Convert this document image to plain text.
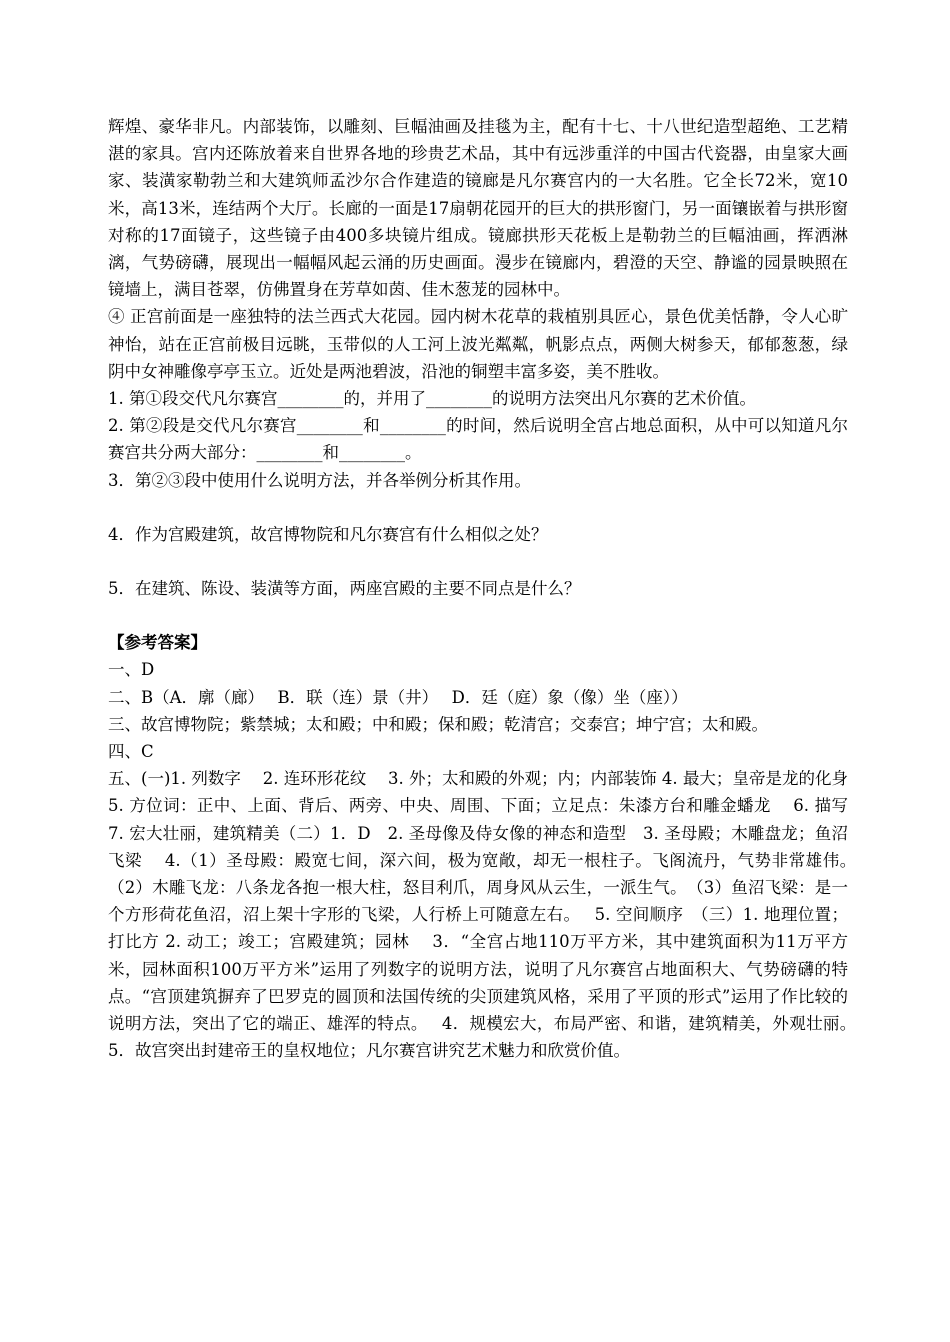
辉煌、豪华非凡。内部装饰，以雕刻、巨幅油画及挂毯为主，配有十七、十八世纪造型超绝、工艺精湛的家具。宫内还陈放着来自世界各地的珍贵艺术品，其中有远涉重洋的中国古代瓷器，由皇家大画家、装潢家勒勃兰和大建筑师孟沙尔合作建造的镜廊是凡尔赛宫内的一大名胜。它全长72米，宽10米，高13米，连结两个大厅。长廊的一面是17扇朝花园开的巨大的拱形窗门，另一面镶嵌着与拱形窗对称的17面镜子，这些镜子由400多块镜片组成。镜廊拱形天花板上是勒勃兰的巨幅油画，挥洒淋漓，气势磅礴，展现出一幅幅风起云涌的历史画面。漫步在镜廊内，碧澄的天空、静谧的园景映照在镜墙上，满目苍翠，仿佛置身在芳草如茵、佳木葱茏的园林中。

④ 正宫前面是一座独特的法兰西式大花园。园内树木花草的栽植别具匠心，景色优美恬静，令人心旷神怡，站在正宫前极目远眺，玉带似的人工河上波光粼粼，帆影点点，两侧大树参天，郁郁葱葱，绿阴中女神雕像亭亭玉立。近处是两池碧波，沿池的铜塑丰富多姿，美不胜收。

1. 第①段交代凡尔赛宫________的，并用了________的说明方法突出凡尔赛的艺术价值。

2. 第②段是交代凡尔赛宫________和________的时间，然后说明全宫占地总面积，从中可以知道凡尔赛宫共分两大部分：________和________。

3．第②③段中使用什么说明方法，并各举例分析其作用。

4．作为宫殿建筑，故宫博物院和凡尔赛宫有什么相似之处？

5．在建筑、陈设、装潢等方面，两座宫殿的主要不同点是什么？

【参考答案】

一、D

二、B（A．廓（廊）　 B．联（连）景（井）　 D．廷（庭）象（像）坐（座））

三、故宫博物院；紫禁城；太和殿；中和殿；保和殿；乾清宫；交泰宫；坤宁宫；太和殿。

四、C

五、(一)1. 列数字　 2. 连环形花纹　 3. 外；太和殿的外观；内；内部装饰 4. 最大；皇帝是龙的化身　 5. 方位词：正中、上面、背后、两旁、中央、周围、下面；立足点：朱漆方台和雕金蟠龙　 6. 描写　 7. 宏大壮丽，建筑精美（二）1．D　2. 圣母像及侍女像的神态和造型　3. 圣母殿；木雕盘龙；鱼沼飞梁　 4.（1）圣母殿：殿宽七间，深六间，极为宽敞，却无一根柱子。飞阁流丹，气势非常雄伟。　（2）木雕飞龙：八条龙各抱一根大柱，怒目利爪，周身风从云生，一派生气。　（3）鱼沼飞梁：是一个方形荷花鱼沼，沼上架十字形的飞梁，人行桥上可随意左右。　 5. 空间顺序　（三）1. 地理位置；打比方 2. 动工；竣工；宫殿建筑；园林　 3．“全宫占地110万平方米，其中建筑面积为11万平方米，园林面积100万平方米”运用了列数字的说明方法，说明了凡尔赛宫占地面积大、气势磅礴的特点。“宫顶建筑摒弃了巴罗克的圆顶和法国传统的尖顶建筑风格，采用了平顶的形式”运用了作比较的说明方法，突出了它的端正、雄浑的特点。　 4．规模宏大，布局严密、和谐，建筑精美，外观壮丽。　 5．故宫突出封建帝王的皇权地位；凡尔赛宫讲究艺术魅力和欣赏价值。
